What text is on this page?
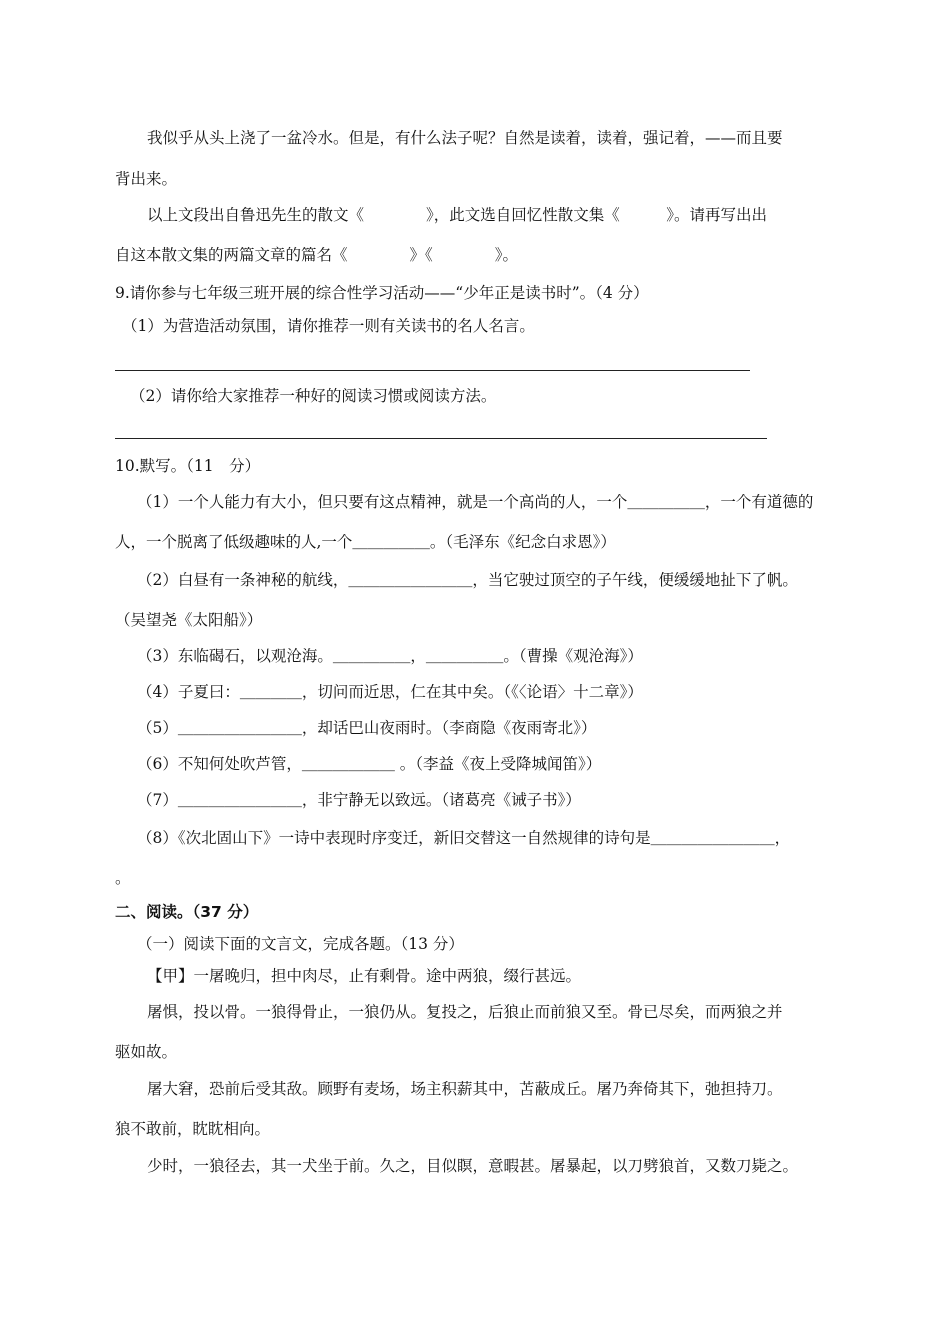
我似乎从头上浇了一盆冷水。但是，有什么法子呢？自然是读着，读着，强记着，——而且要
背出来。
以上文段出自鲁迅先生的散文《　　　　》，此文选自回忆性散文集《　　　》。请再写出出
自这本散文集的两篇文章的篇名《　　　　》《　　　　》。
9.请你参与七年级三班开展的综合性学习活动——“少年正是读书时”。（4 分）
（1）为营造活动氛围，请你推荐一则有关读书的名人名言。
（2）请你给大家推荐一种好的阅读习惯或阅读方法。
10.默写。（11　分）
（1）一个人能力有大小，但只要有这点精神，就是一个高尚的人，一个＿＿＿＿＿，一个有道德的
人，一个脱离了低级趣味的人,一个＿＿＿＿＿。（毛泽东《纪念白求恩》）
（2）白昼有一条神秘的航线，＿＿＿＿＿＿＿＿，当它驶过顶空的子午线，便缓缓地扯下了帆。
（吴望尧《太阳船》）
（3）东临碣石，以观沧海。＿＿＿＿＿，＿＿＿＿＿。（曹操《观沧海》）
（4）子夏曰：＿＿＿＿，切问而近思，仁在其中矣。（《〈论语〉十二章》）
（5）＿＿＿＿＿＿＿＿，却话巴山夜雨时。（李商隐《夜雨寄北》）
（6）不知何处吹芦管，＿＿＿＿＿＿ 。（李益《夜上受降城闻笛》）
（7）＿＿＿＿＿＿＿＿，非宁静无以致远。（诸葛亮《诫子书》）
（8）《次北固山下》一诗中表现时序变迁，新旧交替这一自然规律的诗句是＿＿＿＿＿＿＿＿，
。
二、阅读。（37 分）
（一）阅读下面的文言文，完成各题。（13 分）
【甲】一屠晚归，担中肉尽，止有剩骨。途中两狼，缀行甚远。
屠惧，投以骨。一狼得骨止，一狼仍从。复投之，后狼止而前狼又至。骨已尽矣，而两狼之并
驱如故。
屠大窘，恐前后受其敌。顾野有麦场，场主积薪其中，苫蔽成丘。屠乃奔倚其下，弛担持刀。
狼不敢前，眈眈相向。
少时，一狼径去，其一犬坐于前。久之，目似瞑，意暇甚。屠暴起，以刀劈狼首，又数刀毙之。
